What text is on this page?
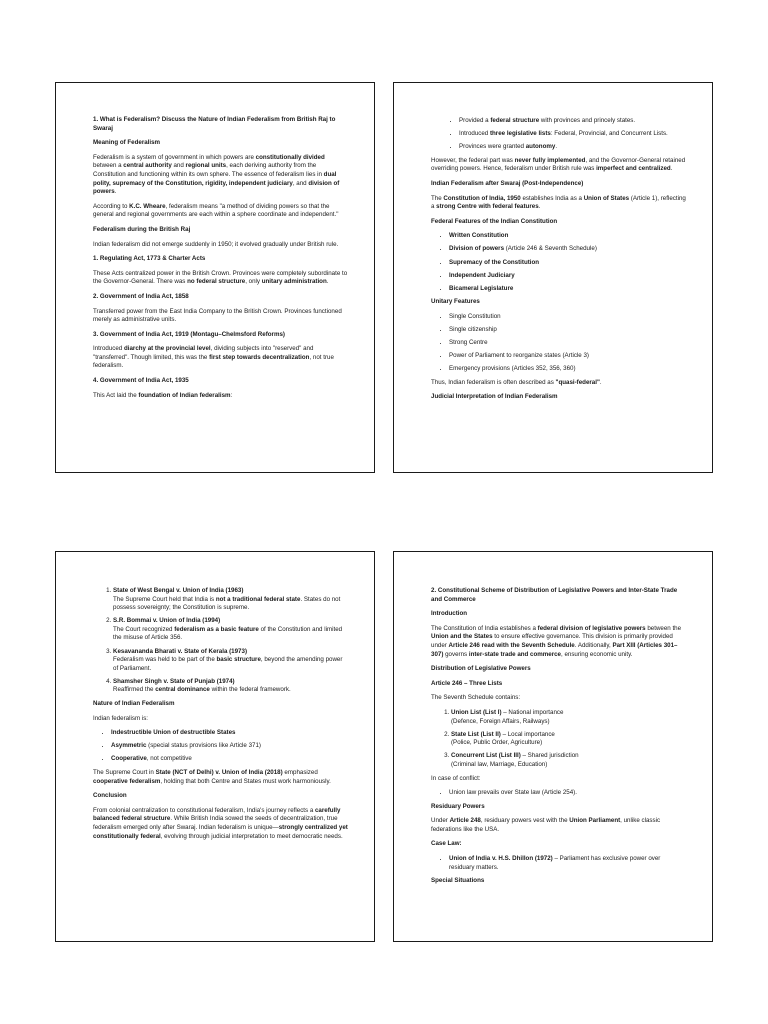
1. What is Federalism? Discuss the Nature of Indian Federalism from British Raj to Swaraj

Meaning of Federalism

Federalism is a system of government in which powers are constitutionally divided between a central authority and regional units, each deriving authority from the Constitution and functioning within its own sphere. The essence of federalism lies in dual polity, supremacy of the Constitution, rigidity, independent judiciary, and division of powers.

According to K.C. Wheare, federalism means "a method of dividing powers so that the general and regional governments are each within a sphere coordinate and independent."

Federalism during the British Raj

Indian federalism did not emerge suddenly in 1950; it evolved gradually under British rule.

1. Regulating Act, 1773 & Charter Acts

These Acts centralized power in the British Crown. Provinces were completely subordinate to the Governor-General. There was no federal structure, only unitary administration.

2. Government of India Act, 1858

Transferred power from the East India Company to the British Crown. Provinces functioned merely as administrative units.

3. Government of India Act, 1919 (Montagu–Chelmsford Reforms)

Introduced diarchy at the provincial level, dividing subjects into "reserved" and "transferred". Though limited, this was the first step towards decentralization, not true federalism.

4. Government of India Act, 1935

This Act laid the foundation of Indian federalism:

• Provided a federal structure with provinces and princely states.
• Introduced three legislative lists: Federal, Provincial, and Concurrent Lists.
• Provinces were granted autonomy.

However, the federal part was never fully implemented, and the Governor-General retained overriding powers. Hence, federalism under British rule was imperfect and centralized.

Indian Federalism after Swaraj (Post-Independence)

The Constitution of India, 1950 establishes India as a Union of States (Article 1), reflecting a strong Centre with federal features.

Federal Features of the Indian Constitution

• Written Constitution
• Division of powers (Article 246 & Seventh Schedule)
• Supremacy of the Constitution
• Independent Judiciary
• Bicameral Legislature

Unitary Features

• Single Constitution
• Single citizenship
• Strong Centre
• Power of Parliament to reorganize states (Article 3)
• Emergency provisions (Articles 352, 356, 360)

Thus, Indian federalism is often described as "quasi-federal".

Judicial Interpretation of Indian Federalism

1. State of West Bengal v. Union of India (1963)
The Supreme Court held that India is not a traditional federal state. States do not possess sovereignty; the Constitution is supreme.
2. S.R. Bommai v. Union of India (1994)
The Court recognized federalism as a basic feature of the Constitution and limited the misuse of Article 356.
3. Kesavananda Bharati v. State of Kerala (1973)
Federalism was held to be part of the basic structure, beyond the amending power of Parliament.
4. Shamsher Singh v. State of Punjab (1974)
Reaffirmed the central dominance within the federal framework.

Nature of Indian Federalism

Indian federalism is:

• Indestructible Union of destructible States
• Asymmetric (special status provisions like Article 371)
• Cooperative, not competitive

The Supreme Court in State (NCT of Delhi) v. Union of India (2018) emphasized cooperative federalism, holding that both Centre and States must work harmoniously.

Conclusion

From colonial centralization to constitutional federalism, India's journey reflects a carefully balanced federal structure. While British India sowed the seeds of decentralization, true federalism emerged only after Swaraj. Indian federalism is unique—strongly centralized yet constitutionally federal, evolving through judicial interpretation to meet democratic needs.

2. Constitutional Scheme of Distribution of Legislative Powers and Inter-State Trade and Commerce

Introduction

The Constitution of India establishes a federal division of legislative powers between the Union and the States to ensure effective governance. This division is primarily provided under Article 246 read with the Seventh Schedule. Additionally, Part XIII (Articles 301–307) governs inter-state trade and commerce, ensuring economic unity.

Distribution of Legislative Powers

Article 246 – Three Lists

The Seventh Schedule contains:

1. Union List (List I) – National importance
(Defence, Foreign Affairs, Railways)
2. State List (List II) – Local importance
(Police, Public Order, Agriculture)
3. Concurrent List (List III) – Shared jurisdiction
(Criminal law, Marriage, Education)

In case of conflict:

• Union law prevails over State law (Article 254).

Residuary Powers

Under Article 248, residuary powers vest with the Union Parliament, unlike classic federations like the USA.

Case Law:

• Union of India v. H.S. Dhillon (1972) – Parliament has exclusive power over residuary matters.

Special Situations
